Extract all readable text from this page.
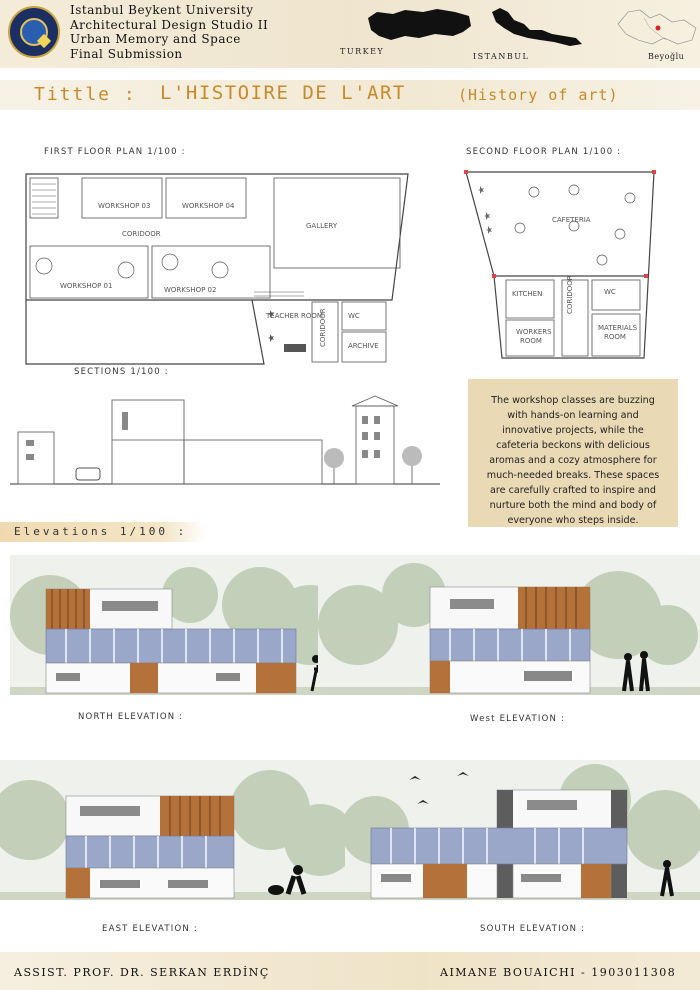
Istanbul Beykent University
Architectural Design Studio II
Urban Memory and Space
Final Submission	TURKEY
ISTANBUL	Beyoğlu
Tittle : L'HISTOIRE DE L'ART	(History of art)
FIRST FLOOR PLAN 1/100 :
WORKSHOP 03	WORKSHOP 04
CORIDOOR
GALLERY
WORKSHOP 01	WORKSHOP 02
TEACHER ROOM
CORIDOOR	WC
ARCHIVE
SECOND FLOOR PLAN 1/100 :
CAFETERIA
KITCHEN	CORIDOOR	WC
WORKERS
ROOM
MATERIALS
ROOM
SECTIONS 1/100 :
The workshop classes are buzzing with hands-on learning and innovative projects, while the cafeteria beckons with delicious aromas and a cozy atmosphere for much-needed breaks. These spaces are carefully crafted to inspire and nurture both the mind and body of everyone who steps inside.
Elevations 1/100 :
NORTH ELEVATION :	West ELEVATION :
EAST ELEVATION :	SOUTH ELEVATION :
ASSIST. PROF. DR. SERKAN ERDİNÇ	AIMANE BOUAICHI - 1903011308
